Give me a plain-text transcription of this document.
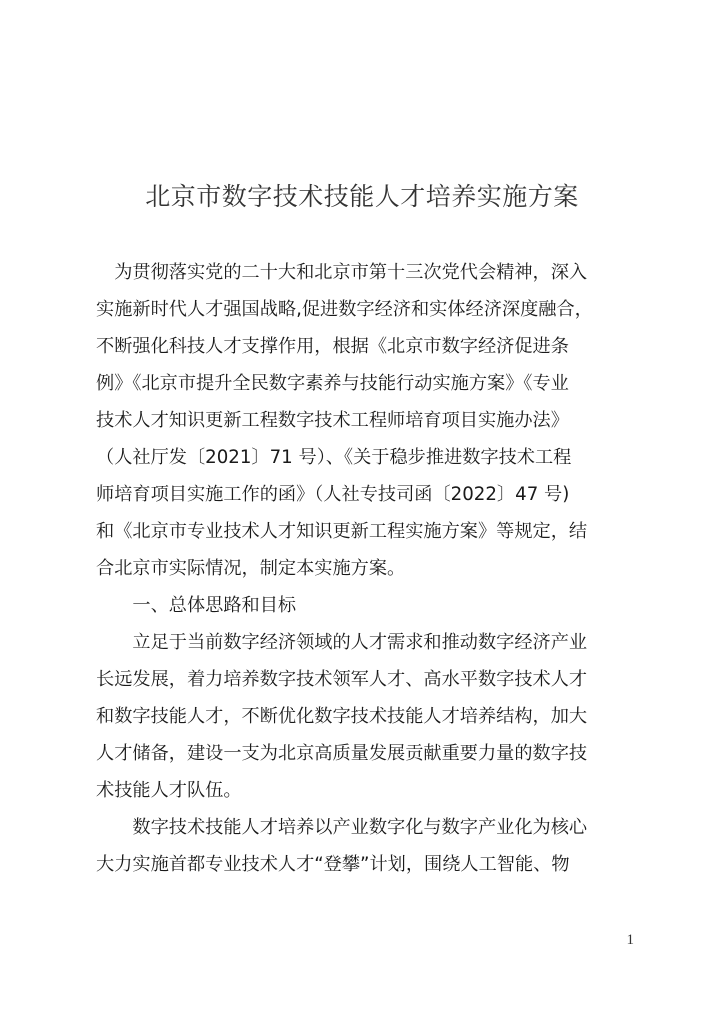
北京市数字技术技能人才培养实施方案
　为贯彻落实党的二十大和北京市第十三次党代会精神，深入
实施新时代人才强国战略,促进数字经济和实体经济深度融合，
不断强化科技人才支撑作用，根据《北京市数字经济促进条
例》《北京市提升全民数字素养与技能行动实施方案》《专业
技术人才知识更新工程数字技术工程师培育项目实施办法》
（人社厅发〔2021〕71 号）、《关于稳步推进数字技术工程
师培育项目实施工作的函》（人社专技司函〔2022〕47 号)
和《北京市专业技术人才知识更新工程实施方案》等规定，结
合北京市实际情况，制定本实施方案。
　　一、总体思路和目标
　　立足于当前数字经济领域的人才需求和推动数字经济产业
长远发展，着力培养数字技术领军人才、高水平数字技术人才
和数字技能人才，不断优化数字技术技能人才培养结构，加大
人才储备，建设一支为北京高质量发展贡献重要力量的数字技
术技能人才队伍。
　　数字技术技能人才培养以产业数字化与数字产业化为核心
大力实施首都专业技术人才“登攀”计划，围绕人工智能、物
1
